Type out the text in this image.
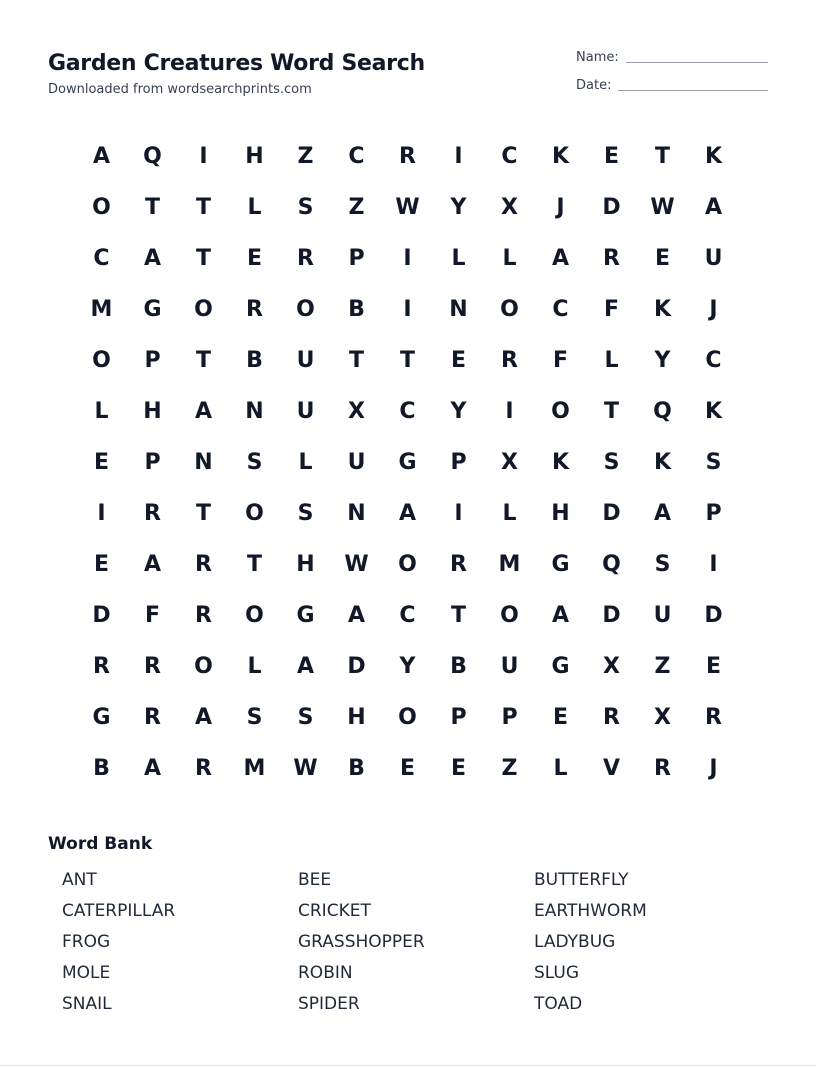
Garden Creatures Word Search
Downloaded from wordsearchprints.com
Name:
Date:
A	Q	I	H	Z	C	R	I	C	K	E	T	K
O	T	T	L	S	Z	W	Y	X	J	D	W	A
C	A	T	E	R	P	I	L	L	A	R	E	U
M	G	O	R	O	B	I	N	O	C	F	K	J
O	P	T	B	U	T	T	E	R	F	L	Y	C
L	H	A	N	U	X	C	Y	I	O	T	Q	K
E	P	N	S	L	U	G	P	X	K	S	K	S
I	R	T	O	S	N	A	I	L	H	D	A	P
E	A	R	T	H	W	O	R	M	G	Q	S	I
D	F	R	O	G	A	C	T	O	A	D	U	D
R	R	O	L	A	D	Y	B	U	G	X	Z	E
G	R	A	S	S	H	O	P	P	E	R	X	R
B	A	R	M	W	B	E	E	Z	L	V	R	J
Word Bank
ANT	BEE	BUTTERFLY
CATERPILLAR	CRICKET	EARTHWORM
FROG	GRASSHOPPER	LADYBUG
MOLE	ROBIN	SLUG
SNAIL	SPIDER	TOAD
